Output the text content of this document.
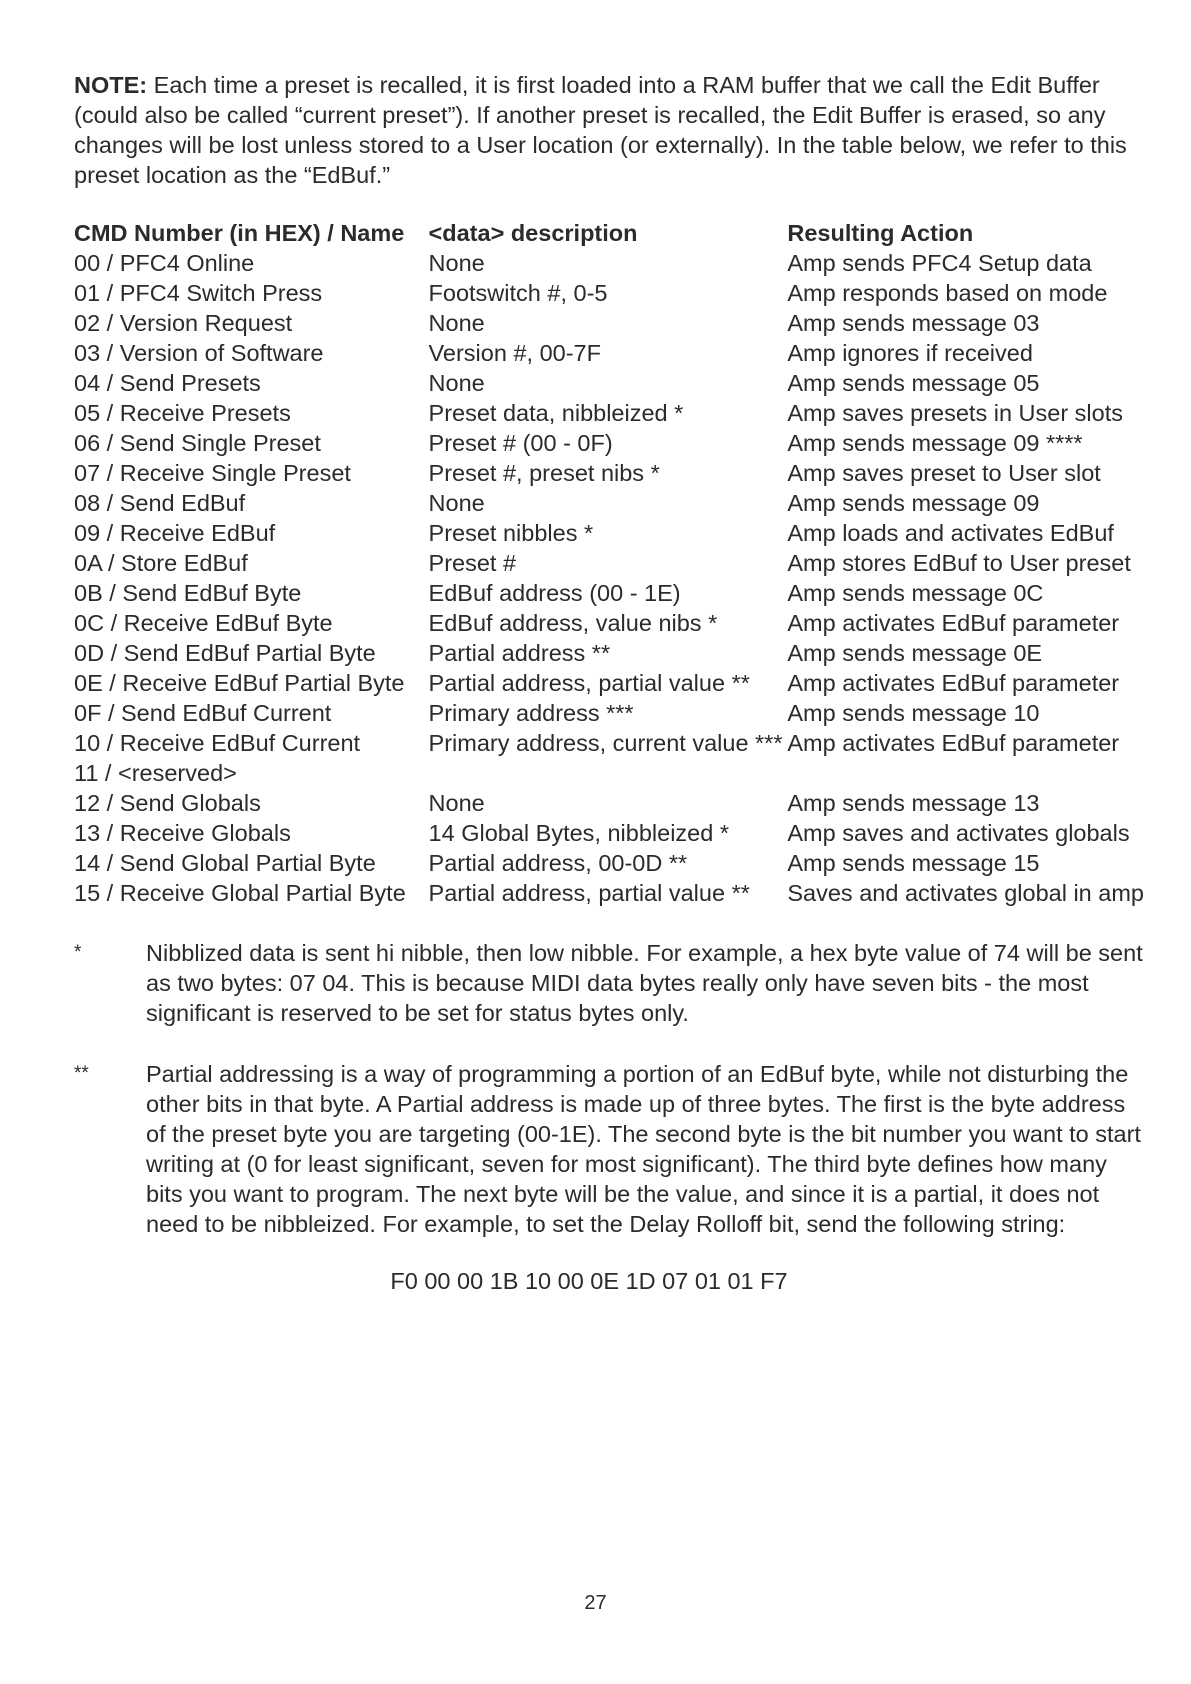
NOTE: Each time a preset is recalled, it is first loaded into a RAM buffer that we call the Edit Buffer (could also be called “current preset”). If another preset is recalled, the Edit Buffer is erased, so any changes will be lost unless stored to a User location (or externally). In the table below, we refer to this preset location as the “EdBuf.”

CMD Number (in HEX) / Name	<data> description	Resulting Action
00 / PFC4 Online	None	Amp sends PFC4 Setup data
01 / PFC4 Switch Press	Footswitch #, 0-5	Amp responds based on mode
02 / Version Request	None	Amp sends message 03
03 / Version of Software	Version #, 00-7F	Amp ignores if received
04 / Send Presets	None	Amp sends message 05
05 / Receive Presets	Preset data, nibbleized *	Amp saves presets in User slots
06 / Send Single Preset	Preset # (00 - 0F)	Amp sends message 09 ****
07 / Receive Single Preset	Preset #, preset nibs *	Amp saves preset to User slot
08 / Send EdBuf	None	Amp sends message 09
09 / Receive EdBuf	Preset nibbles *	Amp loads and activates EdBuf
0A / Store EdBuf	Preset #	Amp stores EdBuf to User preset
0B / Send EdBuf Byte	EdBuf address (00 - 1E)	Amp sends message 0C
0C / Receive EdBuf Byte	EdBuf address, value nibs *	Amp activates EdBuf parameter
0D / Send EdBuf Partial Byte	Partial address **	Amp sends message 0E
0E / Receive EdBuf Partial Byte	Partial address, partial value **	Amp activates EdBuf parameter
0F / Send EdBuf Current	Primary address ***	Amp sends message 10
10 / Receive EdBuf Current	Primary address, current value ***	Amp activates EdBuf parameter
11 / <reserved>		
12 / Send Globals	None	Amp sends message 13
13 / Receive Globals	14 Global Bytes, nibbleized *	Amp saves and activates globals
14 / Send Global Partial Byte	Partial address, 00-0D **	Amp sends message 15
15 / Receive Global Partial Byte	Partial address, partial value **	Saves and activates global in amp
*	Nibblized data is sent hi nibble, then low nibble. For example, a hex byte value of 74 will be sent as two bytes: 07 04. This is because MIDI data bytes really only have seven bits - the most significant is reserved to be set for status bytes only.
** Partial addressing is a way of programming a portion of an EdBuf byte, while not disturbing the other bits in that byte. A Partial address is made up of three bytes. The first is the byte address of the preset byte you are targeting (00-1E). The second byte is the bit number you want to start writing at (0 for least significant, seven for most significant). The third byte defines how many bits you want to program. The next byte will be the value, and since it is a partial, it does not need to be nibbleized. For example, to set the Delay Rolloff bit, send the following string:
F0 00 00 1B 10 00 0E 1D 07 01 01 F7
27
